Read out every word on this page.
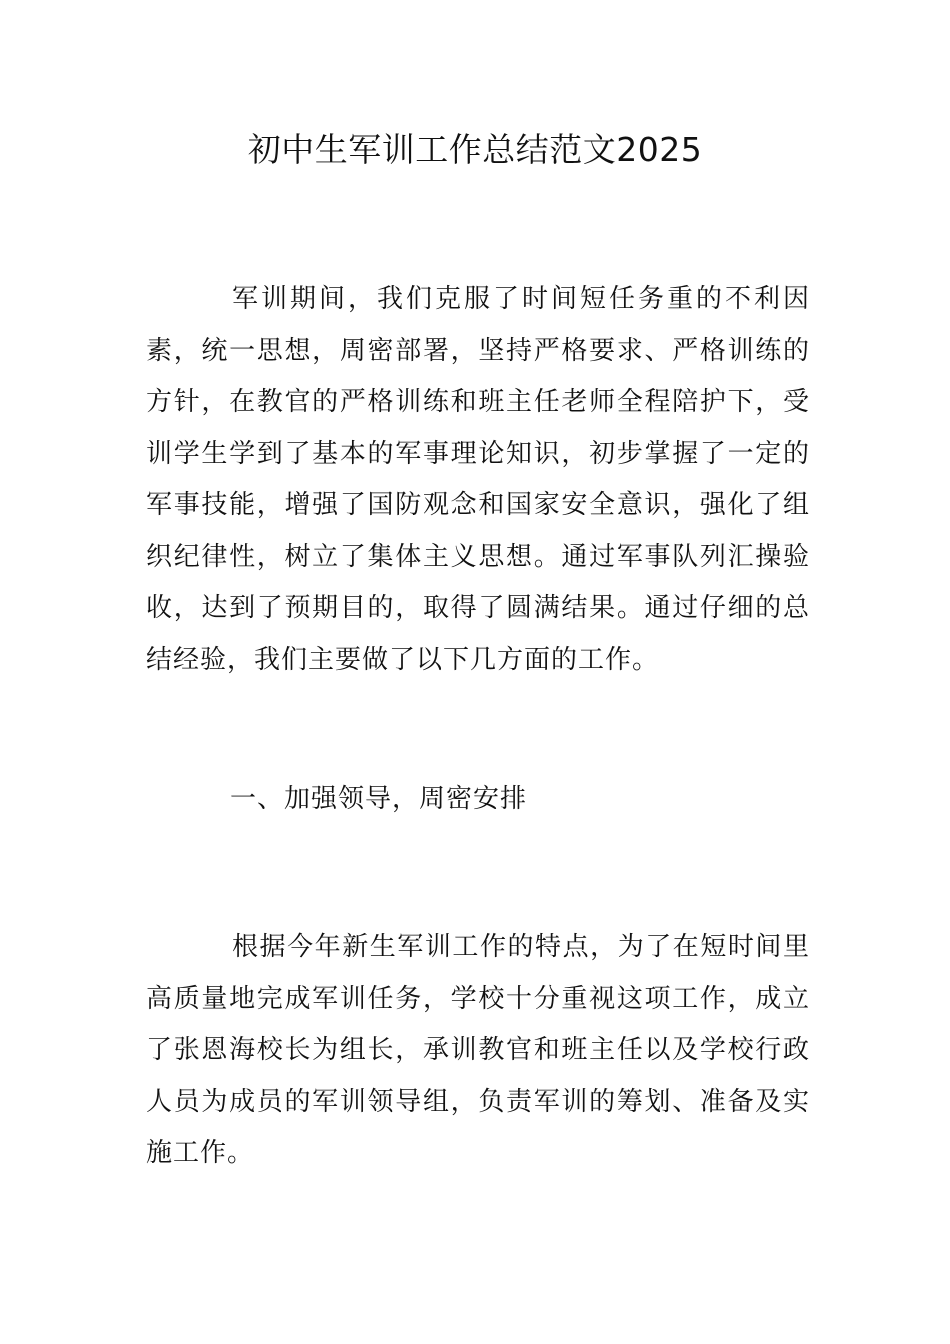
初中生军训工作总结范文2025

军训期间，我们克服了时间短任务重的不利因素，统一思想，周密部署，坚持严格要求、严格训练的方针，在教官的严格训练和班主任老师全程陪护下，受训学生学到了基本的军事理论知识，初步掌握了一定的军事技能，增强了国防观念和国家安全意识，强化了组织纪律性，树立了集体主义思想。通过军事队列汇操验收，达到了预期目的，取得了圆满结果。通过仔细的总结经验，我们主要做了以下几方面的工作。

一、加强领导，周密安排

根据今年新生军训工作的特点，为了在短时间里高质量地完成军训任务，学校十分重视这项工作，成立了张恩海校长为组长，承训教官和班主任以及学校行政人员为成员的军训领导组，负责军训的筹划、准备及实施工作。
